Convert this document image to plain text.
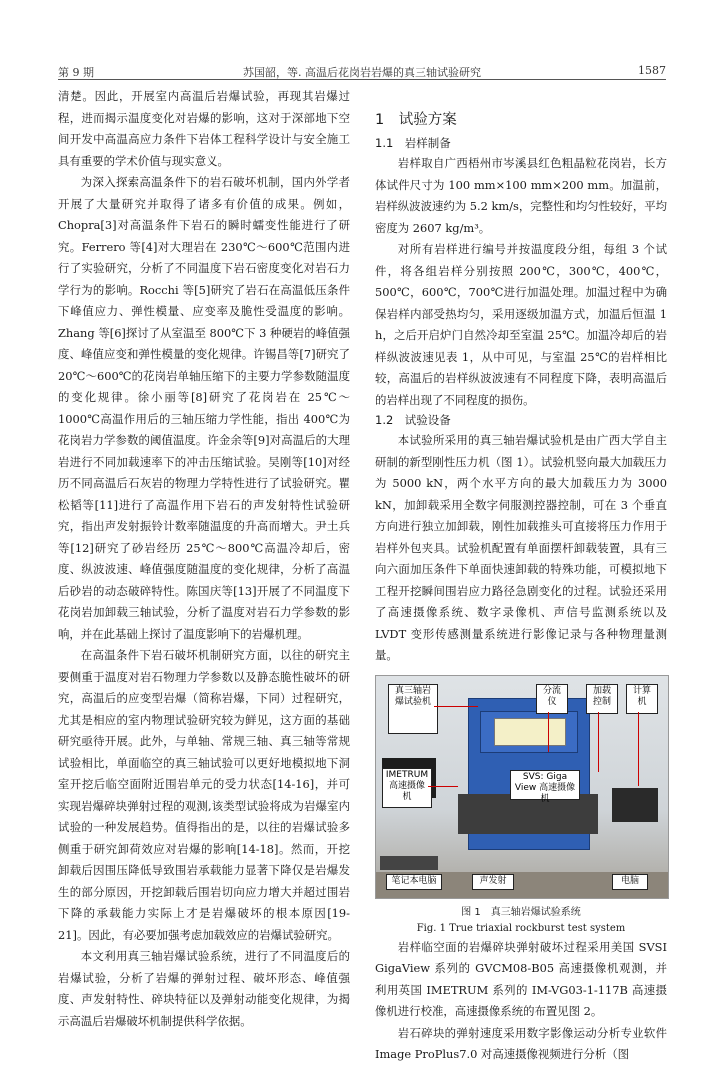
第 9 期	苏国韶，等. 高温后花岗岩岩爆的真三轴试验研究	1587

清楚。因此，开展室内高温后岩爆试验，再现其岩爆过程，进而揭示温度变化对岩爆的影响，这对于深部地下空间开发中高温高应力条件下岩体工程科学设计与安全施工具有重要的学术价值与现实意义。

为深入探索高温条件下的岩石破坏机制，国内外学者开展了大量研究并取得了诸多有价值的成果。例如，Chopra[3]对高温条件下岩石的瞬时蠕变性能进行了研究。Ferrero 等[4]对大理岩在 230℃～600℃范围内进行了实验研究，分析了不同温度下岩石密度变化对岩石力学行为的影响。Rocchi 等[5]研究了岩石在高温低压条件下峰值应力、弹性模量、应变率及脆性受温度的影响。Zhang 等[6]探讨了从室温至 800℃下 3 种硬岩的峰值强度、峰值应变和弹性模量的变化规律。许锡昌等[7]研究了 20℃～600℃的花岗岩单轴压缩下的主要力学参数随温度的变化规律。徐小丽等[8]研究了花岗岩在 25℃～1000℃高温作用后的三轴压缩力学性能，指出 400℃为花岗岩力学参数的阈值温度。许金余等[9]对高温后的大理岩进行不同加载速率下的冲击压缩试验。吴刚等[10]对经历不同高温后石灰岩的物理力学特性进行了试验研究。瞿松韬等[11]进行了高温作用下岩石的声发射特性试验研究，指出声发射振铃计数率随温度的升高而增大。尹土兵等[12]研究了砂岩经历 25℃～800℃高温冷却后，密度、纵波波速、峰值强度随温度的变化规律，分析了高温后砂岩的动态破碎特性。陈国庆等[13]开展了不同温度下花岗岩加卸载三轴试验，分析了温度对岩石力学参数的影响，并在此基础上探讨了温度影响下的岩爆机理。

在高温条件下岩石破坏机制研究方面，以往的研究主要侧重于温度对岩石物理力学参数以及静态脆性破坏的研究，高温后的应变型岩爆（简称岩爆，下同）过程研究，尤其是相应的室内物理试验研究较为鲜见，这方面的基础研究亟待开展。此外，与单轴、常规三轴、真三轴等常规试验相比，单面临空的真三轴试验可以更好地模拟地下洞室开挖后临空面附近围岩单元的受力状态[14-16]，并可实现岩爆碎块弹射过程的观测,该类型试验将成为岩爆室内试验的一种发展趋势。值得指出的是，以往的岩爆试验多侧重于研究卸荷效应对岩爆的影响[14-18]。然而，开挖卸载后因围压降低导致围岩承载能力显著下降仅是岩爆发生的部分原因，开挖卸载后围岩切向应力增大并超过围岩下降的承载能力实际上才是岩爆破坏的根本原因[19-21]。因此，有必要加强考虑加载效应的岩爆试验研究。

本文利用真三轴岩爆试验系统，进行了不同温度后的岩爆试验，分析了岩爆的弹射过程、破坏形态、峰值强度、声发射特性、碎块特征以及弹射动能变化规律，为揭示高温后岩爆破坏机制提供科学依据。

1　试验方案
1.1　岩样制备

岩样取自广西梧州市岑溪县红色粗晶粒花岗岩，长方体试件尺寸为 100 mm×100 mm×200 mm。加温前，岩样纵波波速约为 5.2 km/s，完整性和均匀性较好，平均密度为 2607 kg/m³。

对所有岩样进行编号并按温度段分组，每组 3 个试件，将各组岩样分别按照 200℃，300℃，400℃，500℃，600℃，700℃进行加温处理。加温过程中为确保岩样内部受热均匀，采用逐级加温方式，加温后恒温 1 h，之后开启炉门自然冷却至室温 25℃。加温冷却后的岩样纵波波速见表 1，从中可见，与室温 25℃的岩样相比较，高温后的岩样纵波波速有不同程度下降，表明高温后的岩样出现了不同程度的损伤。

1.2　试验设备

本试验所采用的真三轴岩爆试验机是由广西大学自主研制的新型刚性压力机（图 1）。试验机竖向最大加载压力为 5000 kN，两个水平方向的最大加载压力为 3000 kN，加卸载采用全数字伺服测控器控制，可在 3 个垂直方向进行独立加卸载，刚性加载推头可直接将压力作用于岩样外包夹具。试验机配置有单面摆杆卸载装置，具有三向六面加压条件下单面快速卸载的特殊功能，可模拟地下工程开挖瞬间围岩应力路径急剧变化的过程。试验还采用了高速摄像系统、数字录像机、声信号监测系统以及 LVDT 变形传感测量系统进行影像记录与各种物理量测量。

真三轴岩爆试验机
分流仪
加载控制
计算机
IMETRUM高速摄像机
SVS: Giga View 高速摄像机
笔记本电脑	声发射	电脑
图 1　真三轴岩爆试验系统
Fig. 1 True triaxial rockburst test system

岩样临空面的岩爆碎块弹射破坏过程采用美国 SVSI GigaView 系列的 GVCM08-B05 高速摄像机观测，并利用英国 IMETRUM 系列的 IM-VG03-1-117B 高速摄像机进行校准，高速摄像系统的布置见图 2。

岩石碎块的弹射速度采用数字影像运动分析专业软件 Image ProPlus7.0 对高速摄像视频进行分析（图
